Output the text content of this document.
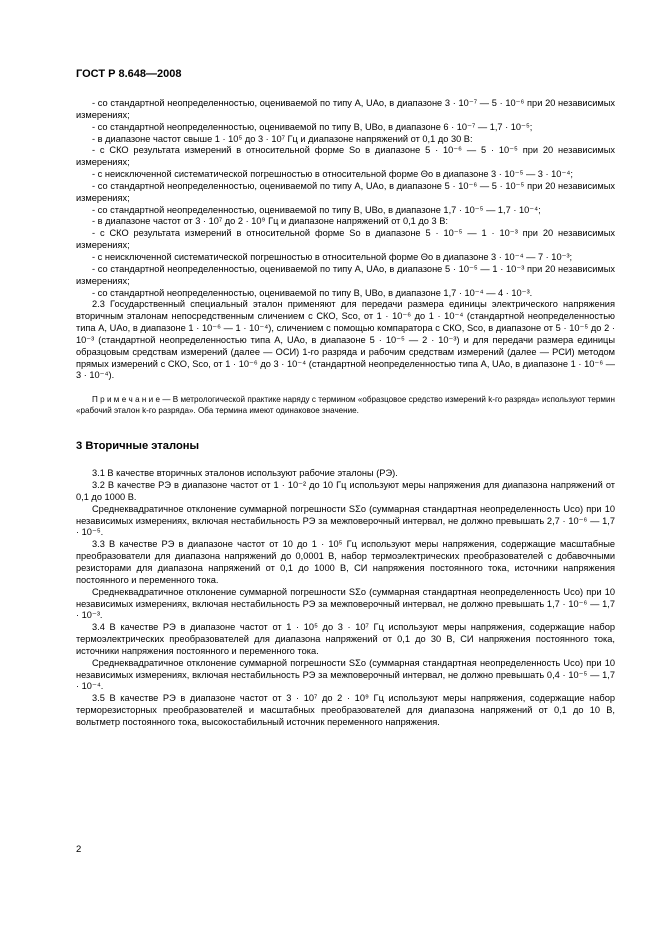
ГОСТ Р 8.648—2008

- со стандартной неопределенностью, оцениваемой по типу А, UАо, в диапазоне 3 · 10⁻⁷ — 5 · 10⁻⁶ при 20 независимых измерениях;

- со стандартной неопределенностью, оцениваемой по типу В, UВо, в диапазоне 6 · 10⁻⁷ — 1,7 · 10⁻⁵;

- в диапазоне частот свыше 1 · 10⁵ до 3 · 10⁷ Гц и диапазоне напряжений от 0,1 до 30 В:

- с СКО результата измерений в относительной форме Sо в диапазоне 5 · 10⁻⁶ — 5 · 10⁻⁵ при 20 независимых измерениях;

- с неисключенной систематической погрешностью в относительной форме Θо в диапазоне 3 · 10⁻⁵ — 3 · 10⁻⁴;

- со стандартной неопределенностью, оцениваемой по типу А, UАо, в диапазоне 5 · 10⁻⁶ — 5 · 10⁻⁵ при 20 независимых измерениях;

- со стандартной неопределенностью, оцениваемой по типу В, UВо, в диапазоне 1,7 · 10⁻⁵ — 1,7 · 10⁻⁴;

- в диапазоне частот от 3 · 10⁷ до 2 · 10⁹ Гц и диапазоне напряжений от 0,1 до 3 В:

- с СКО результата измерений в относительной форме Sо в диапазоне 5 · 10⁻⁵ — 1 · 10⁻³ при 20 независимых измерениях;

- с неисключенной систематической погрешностью в относительной форме Θо в диапазоне 3 · 10⁻⁴ — 7 · 10⁻³;

- со стандартной неопределенностью, оцениваемой по типу А, UАо, в диапазоне 5 · 10⁻⁵ — 1 · 10⁻³ при 20 независимых измерениях;

- со стандартной неопределенностью, оцениваемой по типу В, UВо, в диапазоне 1,7 · 10⁻⁴ — 4 · 10⁻³.

2.3 Государственный специальный эталон применяют для передачи размера единицы электрического напряжения вторичным эталонам непосредственным сличением с СКО, Sсо, от 1 · 10⁻⁶ до 1 · 10⁻⁴ (стандартной неопределенностью типа А, UАо, в диапазоне 1 · 10⁻⁶ — 1 · 10⁻⁴), сличением с помощью компаратора с СКО, Sсо, в диапазоне от 5 · 10⁻⁵ до 2 · 10⁻³ (стандартной неопределенностью типа А, UАо, в диапазоне 5 · 10⁻⁵ — 2 · 10⁻³) и для передачи размера единицы образцовым средствам измерений (далее — ОСИ) 1-го разряда и рабочим средствам измерений (далее — РСИ) методом прямых измерений с СКО, Sсо, от 1 · 10⁻⁶ до 3 · 10⁻⁴ (стандартной неопределенностью типа А, UАо, в диапазоне 1 · 10⁻⁶ — 3 · 10⁻⁴).

П р и м е ч а н и е — В метрологической практике наряду с термином «образцовое средство измерений k-го разряда» используют термин «рабочий эталон k-го разряда». Оба термина имеют одинаковое значение.

3 Вторичные эталоны

3.1 В качестве вторичных эталонов используют рабочие эталоны (РЭ).

3.2 В качестве РЭ в диапазоне частот от 1 · 10⁻² до 10 Гц используют меры напряжения для диапазона напряжений от 0,1 до 1000 В.

Среднеквадратичное отклонение суммарной погрешности SΣо (суммарная стандартная неопределенность Uсо) при 10 независимых измерениях, включая нестабильность РЭ за межповерочный интервал, не должно превышать 2,7 · 10⁻⁶ — 1,7 · 10⁻⁵.

3.3 В качестве РЭ в диапазоне частот от 10 до 1 · 10⁵ Гц используют меры напряжения, содержащие масштабные преобразователи для диапазона напряжений до 0,0001 В, набор термоэлектрических преобразователей с добавочными резисторами для диапазона напряжений от 0,1 до 1000 В, СИ напряжения постоянного тока, источники напряжения постоянного и переменного тока.

Среднеквадратичное отклонение суммарной погрешности SΣо (суммарная стандартная неопределенность Uсо) при 10 независимых измерениях, включая нестабильность РЭ за межповерочный интервал, не должно превышать 1,7 · 10⁻⁶ — 1,7 · 10⁻³.

3.4 В качестве РЭ в диапазоне частот от 1 · 10⁵ до 3 · 10⁷ Гц используют меры напряжения, содержащие набор термоэлектрических преобразователей для диапазона напряжений от 0,1 до 30 В, СИ напряжения постоянного тока, источники напряжения постоянного и переменного тока.

Среднеквадратичное отклонение суммарной погрешности SΣо (суммарная стандартная неопределенность Uсо) при 10 независимых измерениях, включая нестабильность РЭ за межповерочный интервал, не должно превышать 0,4 · 10⁻⁵ — 1,7 · 10⁻⁴.

3.5 В качестве РЭ в диапазоне частот от 3 · 10⁷ до 2 · 10⁹ Гц используют меры напряжения, содержащие набор терморезисторных преобразователей и масштабных преобразователей для диапазона напряжений от 0,1 до 10 В, вольтметр постоянного тока, высокостабильный источник переменного напряжения.

2
